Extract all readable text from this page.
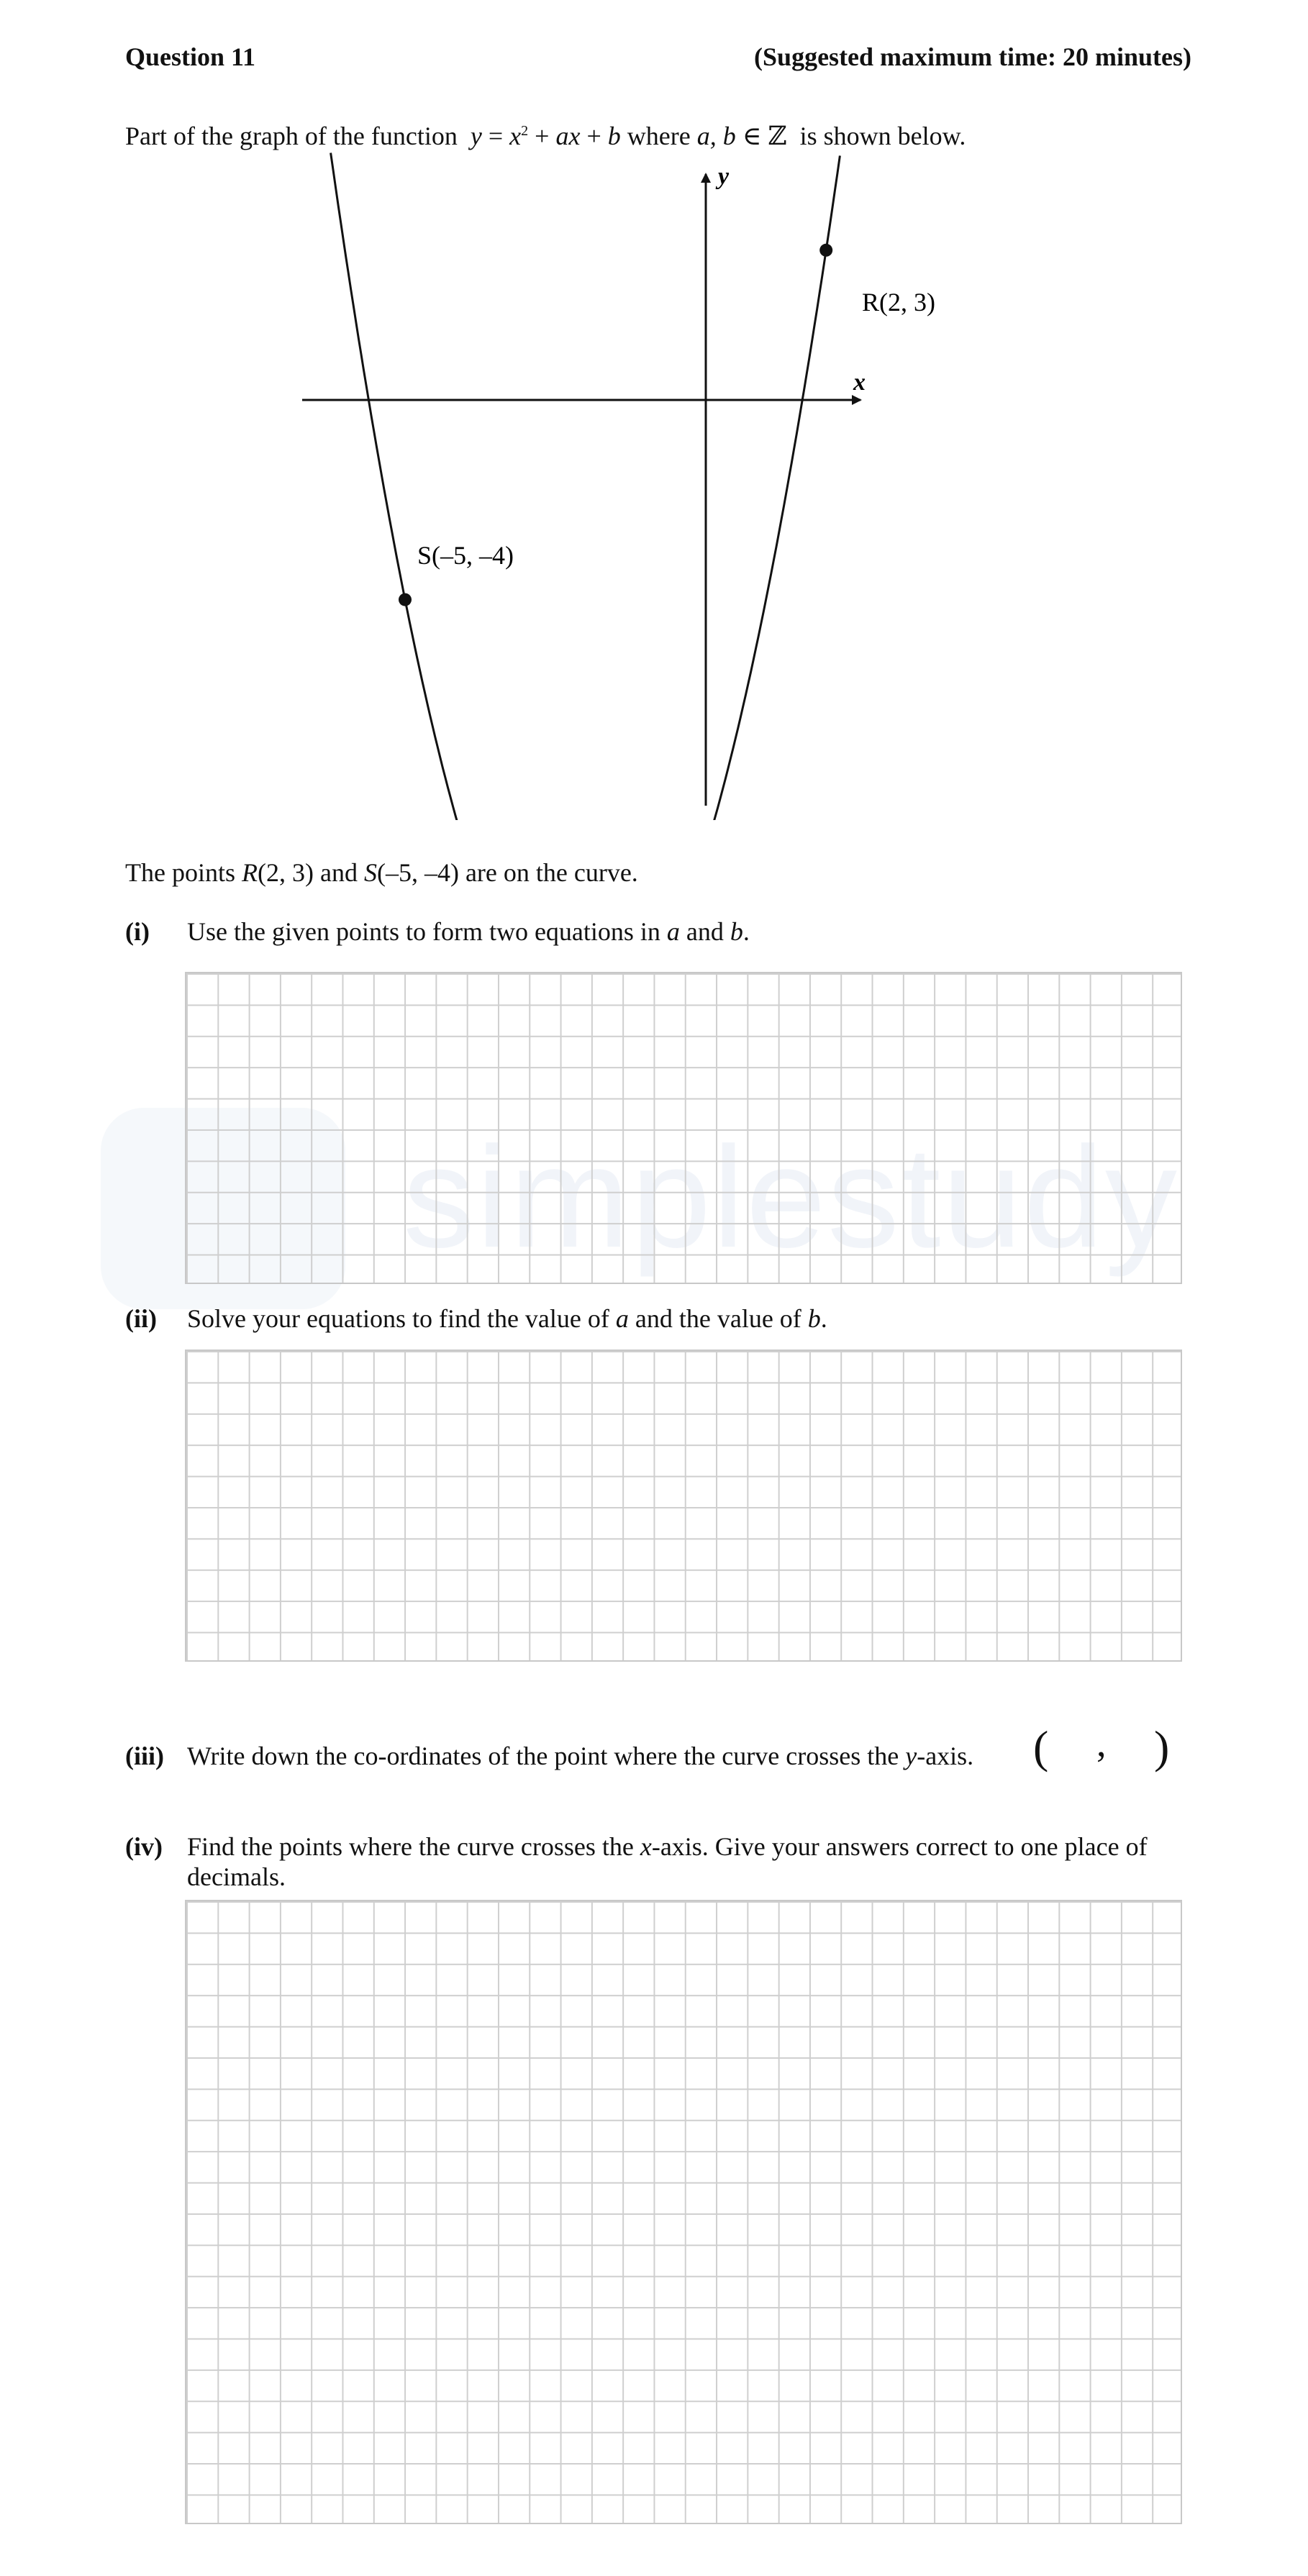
Question 11	(Suggested maximum time: 20 minutes)
Part of the graph of the function $y = x^2$ + ax + b where a, b ∈ ℤ is shown below.
x
y
R(2, 3)
S(–5, –4)
The points R(2, 3) and S(–5, –4) are on the curve.
(i) Use the given points to form two equations in a and b.
(ii) Solve your equations to find the value of a and the value of b.
(iii) Write down the co-ordinates of the point where the curve crosses the y-axis. ( , )
(iv) Find the points where the curve crosses the x-axis. Give your answers correct to one place of
decimals.
